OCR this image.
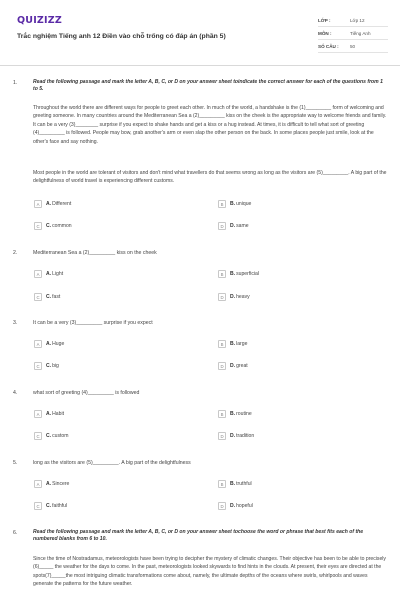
QUIZIZZ
Trắc nghiệm Tiếng anh 12 Điền vào chỗ trống có đáp án (phần 5)
LỚP :	Lớp 12
MÔN :	Tiếng Anh
SỐ CÂU :	50
1.	Read the following passage and mark the letter A, B, C, or D on your answer sheet toindicate the correct answer for each of the questions from 1 to 5.
Throughout the world there are different ways for people to greet each other. In much of the world, a handshake is the (1)_________ form of welcoming and greeting someone. In many countries around the Mediterranean Sea a (2)_________ kiss on the cheek is the appropriate way to welcome friends and family. It can be a very (3)________ surprise if you expect to shake hands and get a kiss or a hug instead. At times, it is difficult to tell what sort of greeting (4)_________ is followed. People may bow, grab another's arm or even slap the other person on the back. In some places people just smile, look at the other's face and say nothing.
Most people in the world are tolerant of visitors and don't mind what travellers do that seems wrong as long as the visitors are (5)_________. A big part of the delightfulness of world travel is experiencing different customs.
A	A.Different	B	B.unique
C	C.common	D	D.same
2.	Mediterranean Sea a (2)_________ kiss on the cheek
A	A.Light	B	B.superficial
C	C.fast	D	D.heavy
3.	It can be a very (3)_________ surprise if you expect
A	A.Huge	B	B.large
C	C.big	D	D.great
4.	what sort of greeting (4)_________ is followed
A	A.Habit	B	B.routine
C	C.custom	D	D.tradition
5.	long as the visitors are (5)_________. A big part of the delightfulness
A	A.Sincere	B	B.truthful
C	C.faithful	D	D.hopeful
6.	Read the following passage and mark the letter A, B, C, or D on your answer sheet tochoose the word or phrase that best fits each of the numbered blanks from 6 to 10.
Since the time of Nostradamus, meteorologists have been trying to decipher the mystery of climatic changes. Their objective has been to be able to precisely (6)_____ the weather for the days to come. In the past, meteorologists looked skywards to find hints in the clouds. At present, their eyes are directed at the spots(7)_____the most intriguing climatic transformations come about, namely, the ultimate depths of the oceans where swirls, whirlpools and waves generate the patterns for the future weather.
